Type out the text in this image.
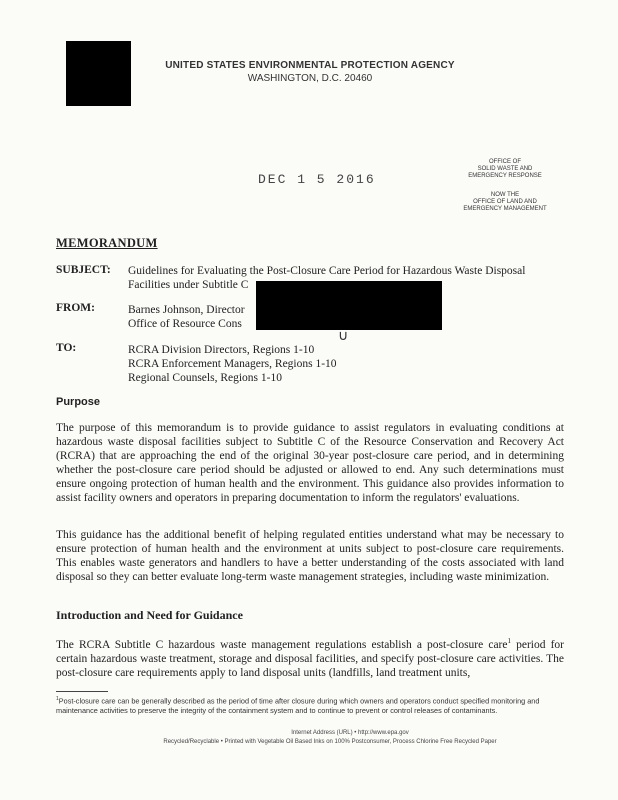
UNITED STATES ENVIRONMENTAL PROTECTION AGENCY
WASHINGTON, D.C. 20460
DEC 1 5 2016
OFFICE OF
SOLID WASTE AND
EMERGENCY RESPONSE
NOW THE
OFFICE OF LAND AND
EMERGENCY MANAGEMENT
MEMORANDUM
SUBJECT: Guidelines for Evaluating the Post-Closure Care Period for Hazardous Waste Disposal
Facilities under Subtitle C
FROM:	Barnes Johnson, Director
Office of Resource Cons
∪
TO:	RCRA Division Directors, Regions 1-10
RCRA Enforcement Managers, Regions 1-10
Regional Counsels, Regions 1-10
Purpose
The purpose of this memorandum is to provide guidance to assist regulators in evaluating conditions at hazardous waste disposal facilities subject to Subtitle C of the Resource Conservation and Recovery Act (RCRA) that are approaching the end of the original 30-year post-closure care period, and in determining whether the post-closure care period should be adjusted or allowed to end. Any such determinations must ensure ongoing protection of human health and the environment. This guidance also provides information to assist facility owners and operators in preparing documentation to inform the regulators' evaluations.
This guidance has the additional benefit of helping regulated entities understand what may be necessary to ensure protection of human health and the environment at units subject to post-closure care requirements. This enables waste generators and handlers to have a better understanding of the costs associated with land disposal so they can better evaluate long-term waste management strategies, including waste minimization.
Introduction and Need for Guidance
The RCRA Subtitle C hazardous waste management regulations establish a post-closure care$^1$ period for certain hazardous waste treatment, storage and disposal facilities, and specify post-closure care activities. The post-closure care requirements apply to land disposal units (landfills, land treatment units,
$^1$Post-closure care can be generally described as the period of time after closure during which owners and operators conduct specified monitoring and maintenance activities to preserve the integrity of the containment system and to continue to prevent or control releases of contaminants.
Internet Address (URL) • http://www.epa.gov
Recycled/Recyclable • Printed with Vegetable Oil Based Inks on 100% Postconsumer, Process Chlorine Free Recycled Paper
